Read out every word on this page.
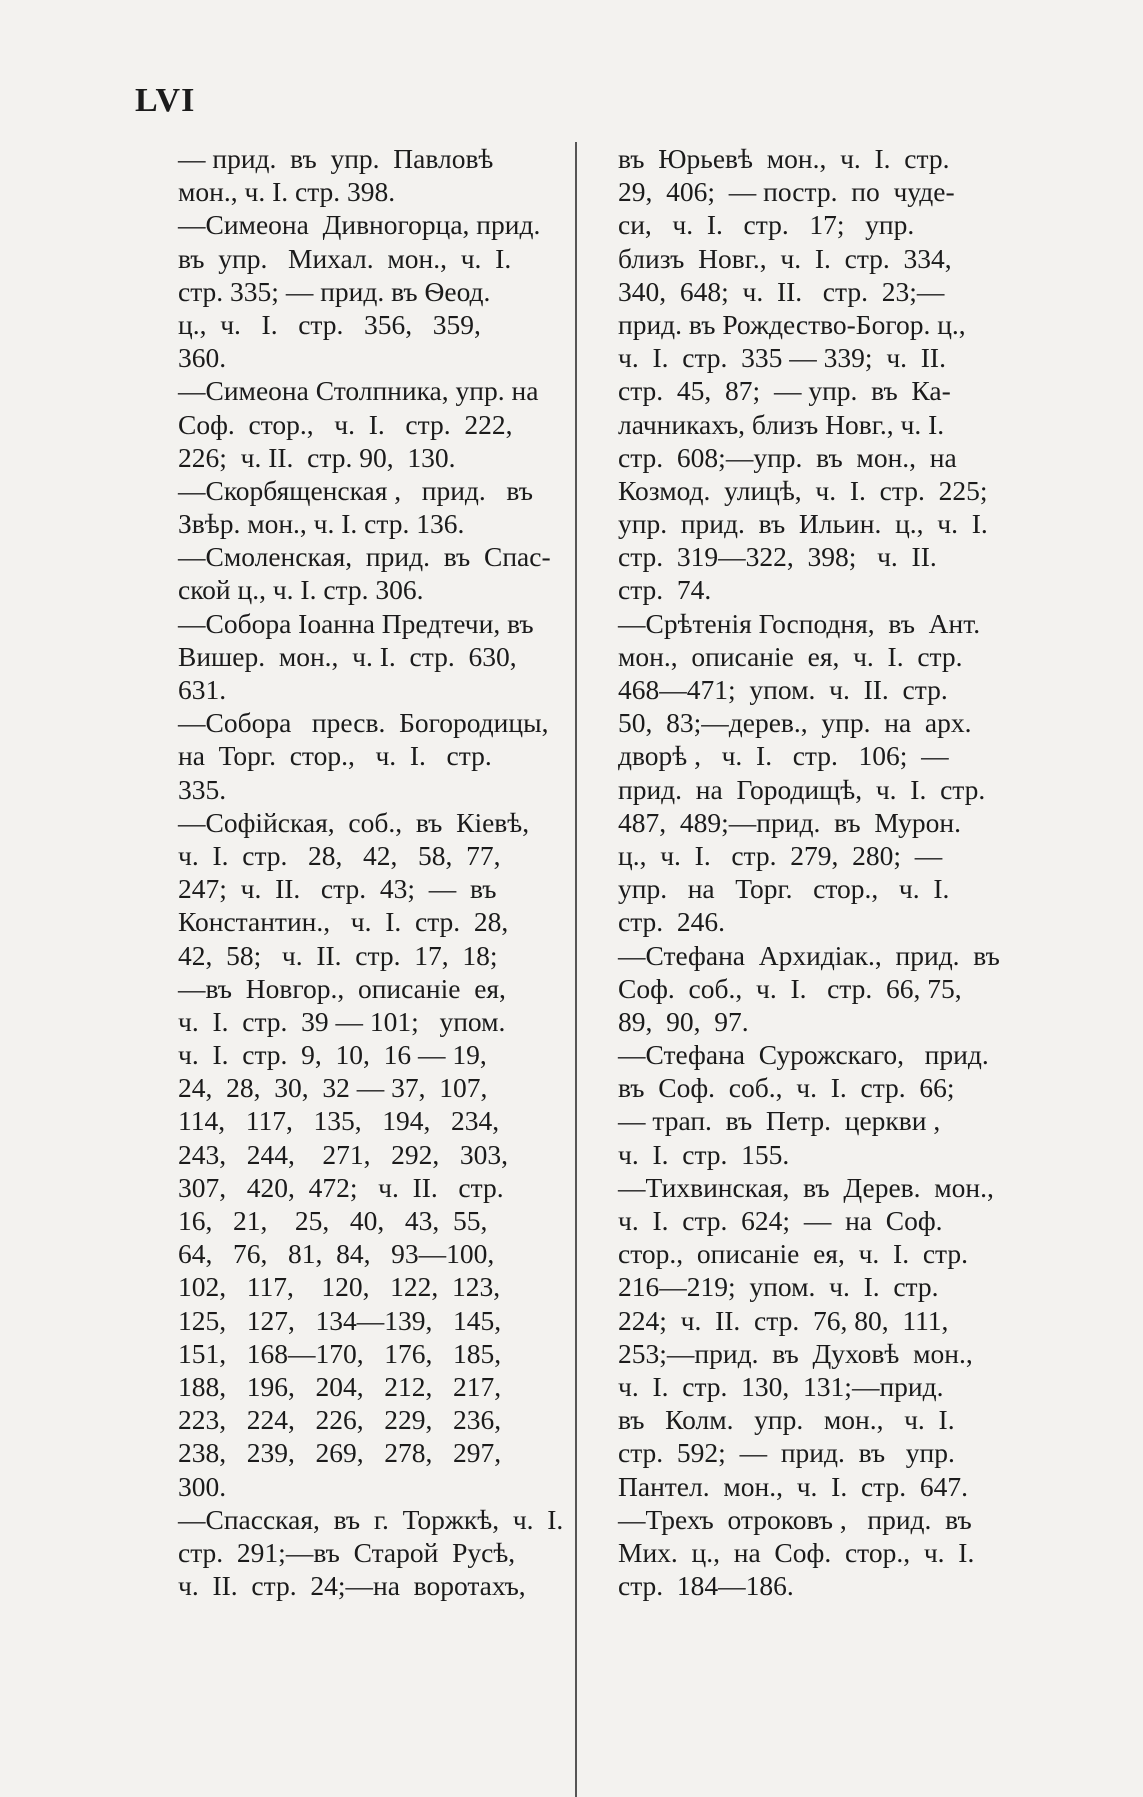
LVI
— прид.  въ  упр.  Павловѣ
мон., ч. I. стр. 398.
—Симеона  Дивногорца, прид.
въ  упр.   Михал.  мон.,  ч.  I.
стр. 335; — прид. въ Ѳеод.
ц.,  ч.   I.   стр.   356,   359,
360.
—Симеона Столпника, упр. на
Соф.  стор.,   ч.  I.   стр.  222,
226;  ч. II.  стр. 90,  130.
—Скорбященская ,   прид.   въ
Звѣр. мон., ч. I. стр. 136.
—Смоленская,  прид.  въ  Спас-
ской ц., ч. I. стр. 306.
—Собора Іоанна Предтечи, въ
Вишер.  мон.,  ч. I.  стр.  630,
631.
—Собора   пресв.  Богородицы,
на  Торг.  стор.,   ч.  I.   стр.
335.
—Софійская,  соб.,  въ  Кіевѣ,
ч.  I.  стр.   28,   42,   58,  77,
247;  ч.  II.   стр.  43;  —  въ
Константин.,   ч.  I.  стр.  28,
42,  58;   ч.  II.  стр.  17,  18;
—въ  Новгор.,  описаніе  ея,
ч.  I.  стр.  39 — 101;   упом.
ч.  I.  стр.  9,  10,  16 — 19,
24,  28,  30,  32 — 37,  107,
114,   117,   135,   194,   234,
243,   244,    271,   292,   303,
307,   420,  472;   ч.  II.   стр.
16,   21,    25,   40,   43,  55,
64,   76,   81,  84,   93—100,
102,   117,    120,   122,  123,
125,   127,   134—139,   145,
151,   168—170,   176,   185,
188,   196,   204,   212,   217,
223,   224,   226,   229,   236,
238,   239,   269,   278,   297,
300.
—Спасская,  въ  г.  Торжкѣ,  ч.  I.
стр.  291;—въ  Старой  Русѣ,
ч.  II.  стр.  24;—на  воротахъ,
въ  Юрьевѣ  мон.,  ч.  I.  стр.
29,  406;  — постр.  по  чуде-
си,   ч.  I.   стр.   17;   упр.
близъ  Новг.,  ч.  I.  стр.  334,
340,  648;  ч.  II.   стр.  23;—
прид. въ Рождество-Богор. ц.,
ч.  I.  стр.  335 — 339;  ч.  II.
стр.  45,  87;  — упр.  въ  Ка-
лачникахъ, близъ Новг., ч. I.
стр.  608;—упр.  въ  мон.,  на
Козмод.  улицѣ,  ч.  I.  стр.  225;
упр.  прид.  въ  Ильин.  ц.,  ч.  I.
стр.  319—322,  398;   ч.  II.
стр.  74.
—Срѣтенія Господня,  въ  Ант.
мон.,  описаніе  ея,  ч.  I.  стр.
468—471;  упом.  ч.  II.  стр.
50,  83;—дерев.,  упр.  на  арх.
дворѣ ,   ч.  I.   стр.   106;  —
прид.  на  Городищѣ,  ч.  I.  стр.
487,  489;—прид.  въ  Мурон.
ц.,  ч.  I.   стр.  279,  280;  —
упр.   на   Торг.   стор.,   ч.  I.
стр.  246.
—Стефана  Архидіак.,  прид.  въ
Соф.  соб.,  ч.  I.   стр.  66, 75,
89,  90,  97.
—Стефана  Сурожскаго,   прид.
въ  Соф.  соб.,  ч.  I.  стр.  66;
— трап.  въ  Петр.  церкви ,
ч.  I.  стр.  155.
—Тихвинская,  въ  Дерев.  мон.,
ч.  I.  стр.  624;  —  на  Соф.
стор.,  описаніе  ея,  ч.  I.  стр.
216—219;  упом.  ч.  I.  стр.
224;  ч.  II.  стр.  76, 80,  111,
253;—прид.  въ  Духовѣ  мон.,
ч.  I.  стр.  130,  131;—прид.
въ   Колм.   упр.   мон.,   ч.  I.
стр.  592;  —  прид.  въ   упр.
Пантел.  мон.,  ч.  I.  стр.  647.
—Трехъ  отроковъ ,   прид.  въ
Мих.  ц.,  на  Соф.  стор.,  ч.  I.
стр.  184—186.
